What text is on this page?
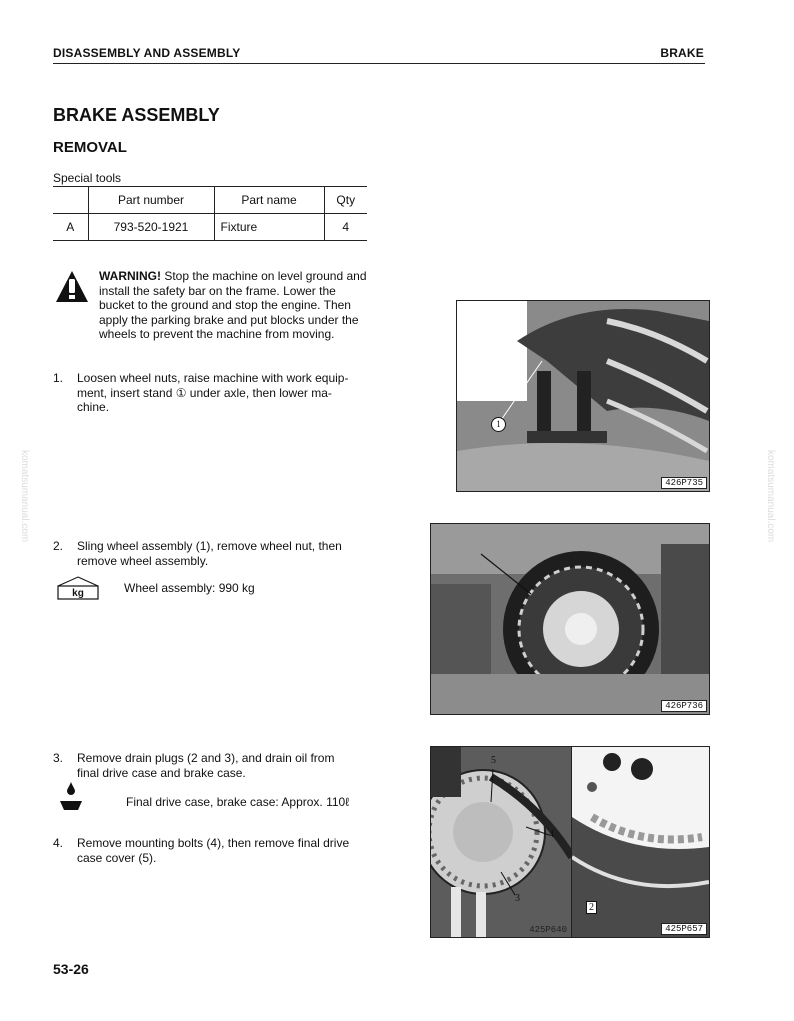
DISASSEMBLY AND ASSEMBLY	BRAKE
BRAKE ASSEMBLY
REMOVAL
Special tools
	Part number	Part name	Qty
A	793-520-1921	Fixture	4
WARNING! Stop the machine on level ground and install the safety bar on the frame. Lower the bucket to the ground and stop the engine. Then apply the parking brake and put blocks under the wheels to prevent the machine from moving.
1. Loosen wheel nuts, raise machine with work equip-
ment, insert stand ① under axle, then lower ma-
chine.
2. Sling wheel assembly (1), remove wheel nut, then
remove wheel assembly.
kg	Wheel assembly: 990 kg
3. Remove drain plugs (2 and 3), and drain oil from
final drive case and brake case.
Final drive case, brake case: Approx. 110ℓ
4. Remove mounting bolts (4), then remove final drive
case cover (5).
1
426P735
426P736
5
4
3
425P640
2
425P657
53-26
komatsumanual.com	komatsumanual.com
